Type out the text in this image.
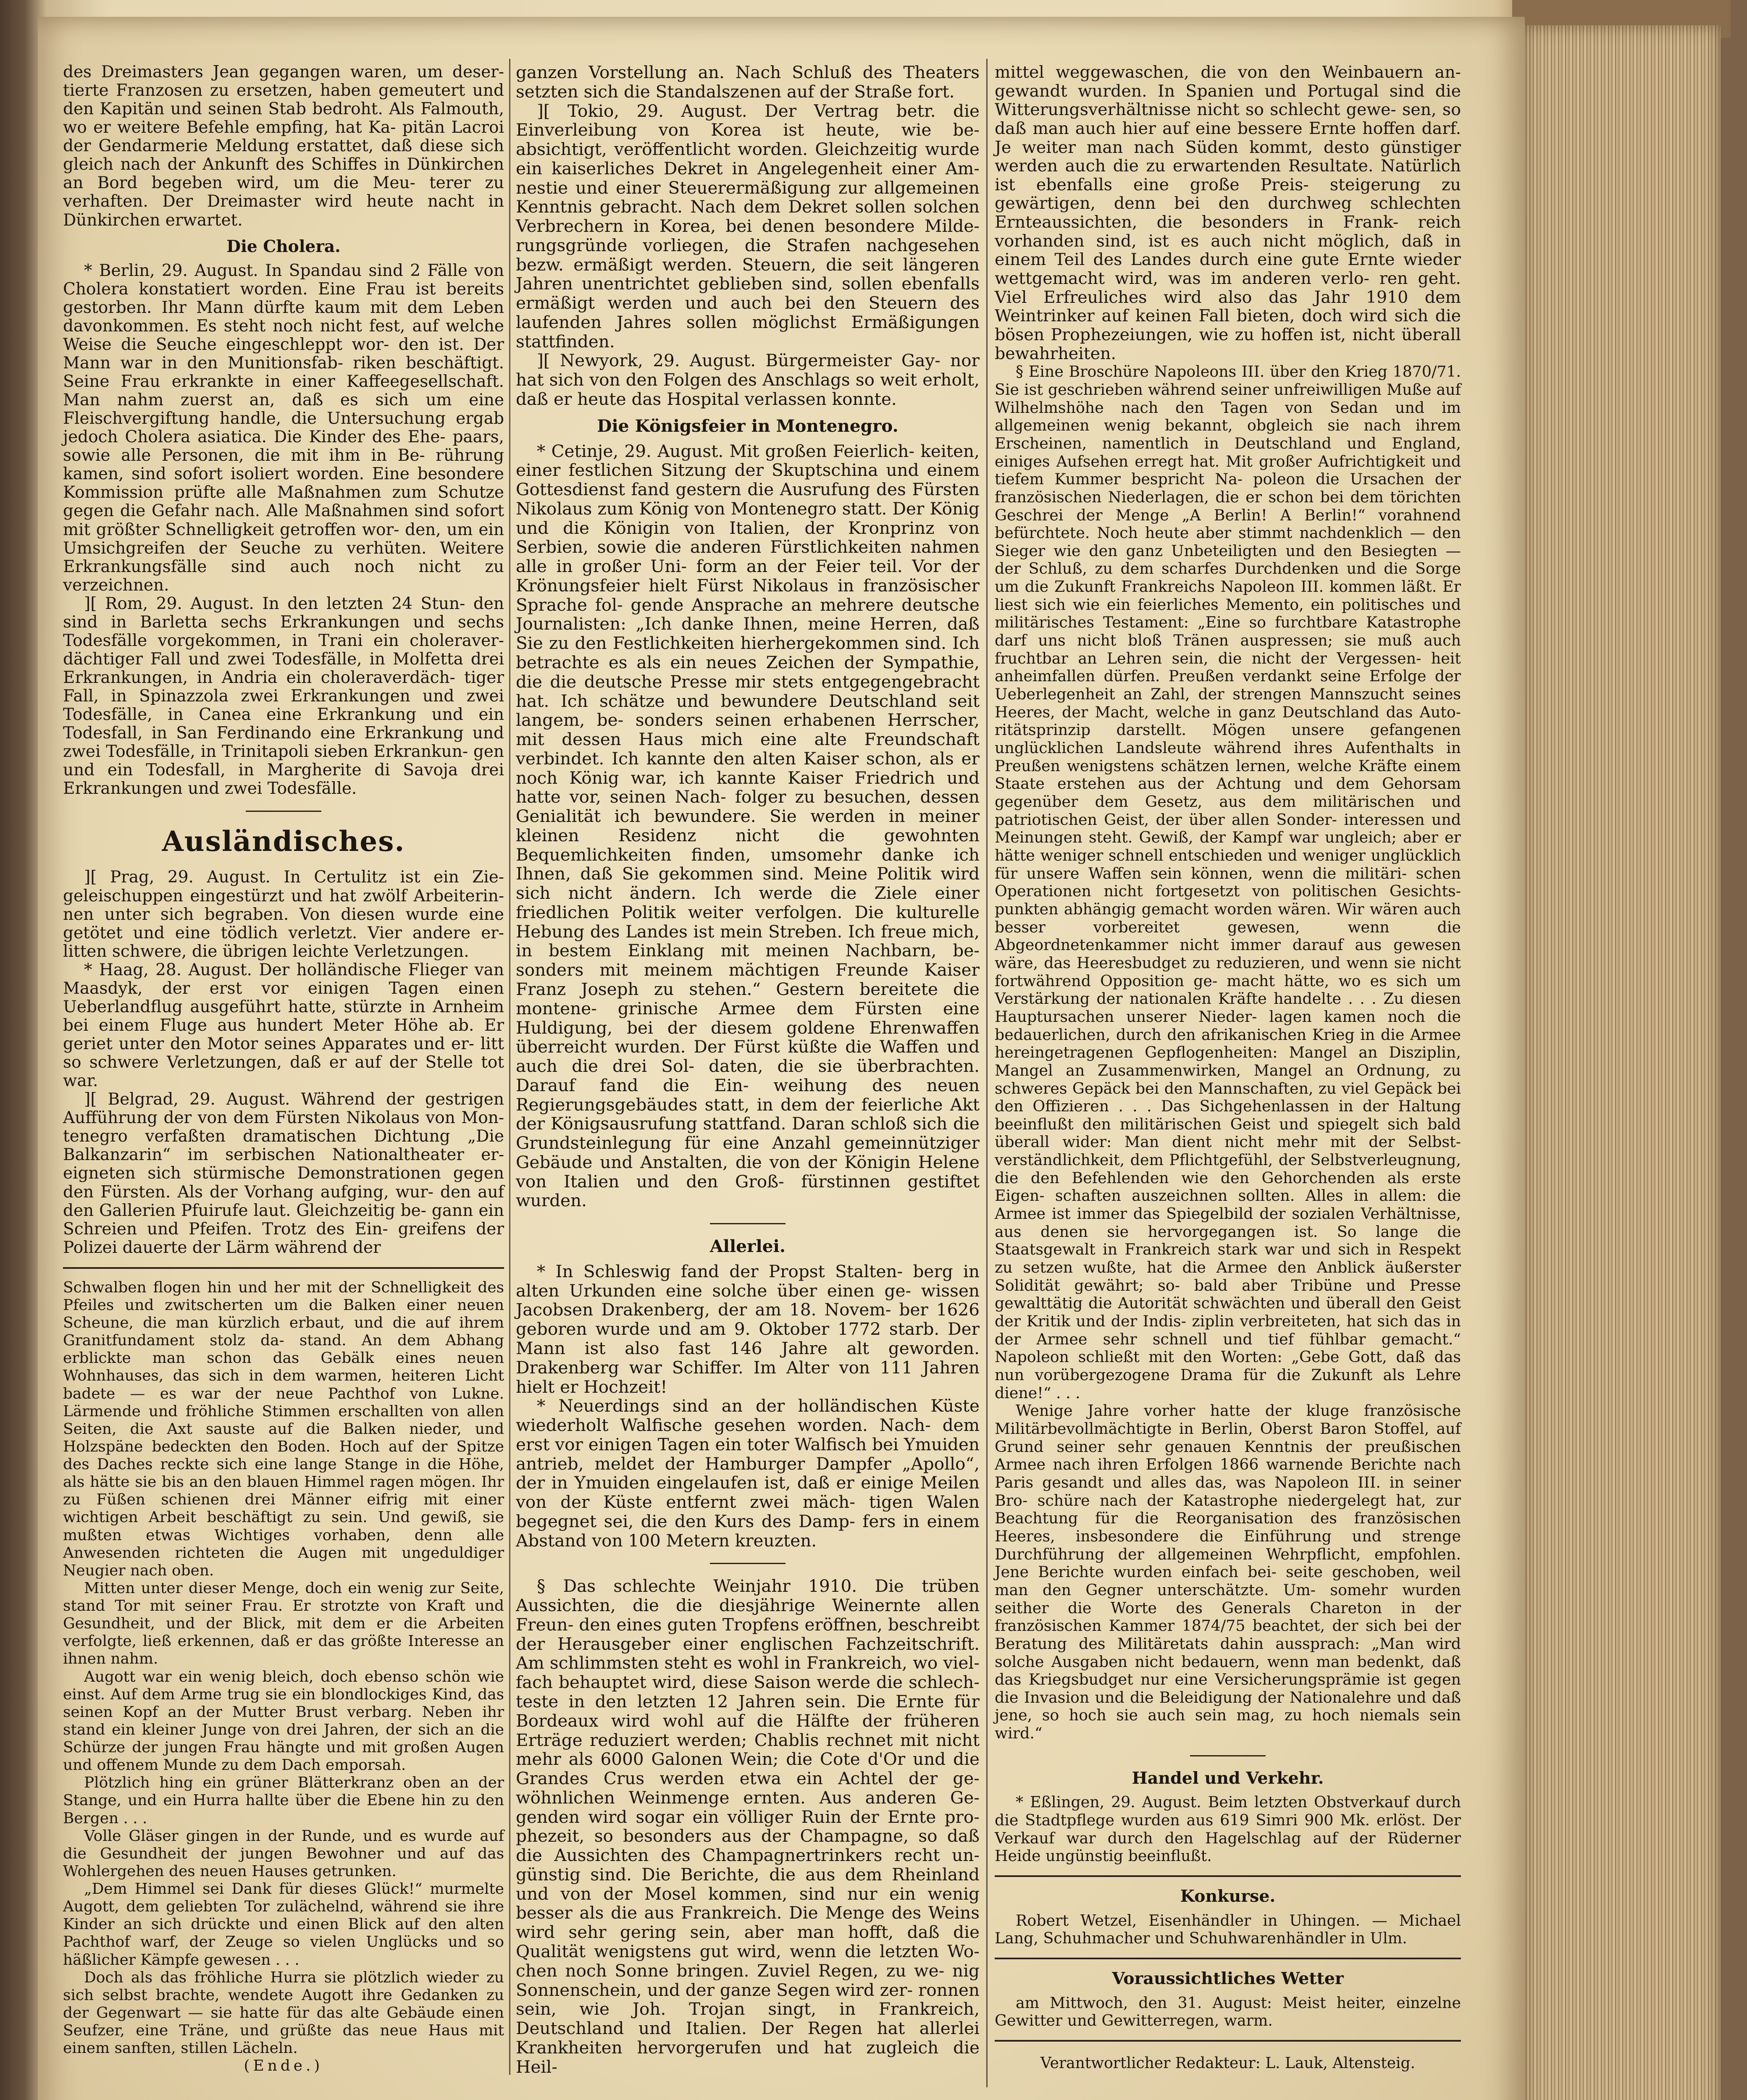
des Dreimasters Jean gegangen waren, um deser- tierte Franzosen zu ersetzen, haben gemeutert und den Kapitän und seinen Stab bedroht. Als Falmouth, wo er weitere Befehle empfing, hat Ka- pitän Lacroi der Gendarmerie Meldung erstattet, daß diese sich gleich nach der Ankunft des Schiffes in Dünkirchen an Bord begeben wird, um die Meu- terer zu verhaften. Der Dreimaster wird heute nacht in Dünkirchen erwartet.

Die Cholera.

* Berlin, 29. August. In Spandau sind 2 Fälle von Cholera konstatiert worden. Eine Frau ist bereits gestorben. Ihr Mann dürfte kaum mit dem Leben davonkommen. Es steht noch nicht fest, auf welche Weise die Seuche eingeschleppt wor- den ist. Der Mann war in den Munitionsfab- riken beschäftigt. Seine Frau erkrankte in einer Kaffeegesellschaft. Man nahm zuerst an, daß es sich um eine Fleischvergiftung handle, die Untersuchung ergab jedoch Cholera asiatica. Die Kinder des Ehe- paars, sowie alle Personen, die mit ihm in Be- rührung kamen, sind sofort isoliert worden. Eine besondere Kommission prüfte alle Maßnahmen zum Schutze gegen die Gefahr nach. Alle Maßnahmen sind sofort mit größter Schnelligkeit getroffen wor- den, um ein Umsichgreifen der Seuche zu verhüten. Weitere Erkrankungsfälle sind auch noch nicht zu verzeichnen.

][ Rom, 29. August. In den letzten 24 Stun- den sind in Barletta sechs Erkrankungen und sechs Todesfälle vorgekommen, in Trani ein choleraver- dächtiger Fall und zwei Todesfälle, in Molfetta drei Erkrankungen, in Andria ein choleraverdäch- tiger Fall, in Spinazzola zwei Erkrankungen und zwei Todesfälle, in Canea eine Erkrankung und ein Todesfall, in San Ferdinando eine Erkrankung und zwei Todesfälle, in Trinitapoli sieben Erkrankun- gen und ein Todesfall, in Margherite di Savoja drei Erkrankungen und zwei Todesfälle.

Ausländisches.

][ Prag, 29. August. In Certulitz ist ein Zie- geleischuppen eingestürzt und hat zwölf Arbeiterin- nen unter sich begraben. Von diesen wurde eine getötet und eine tödlich verletzt. Vier andere er- litten schwere, die übrigen leichte Verletzungen.

* Haag, 28. August. Der holländische Flieger van Maasdyk, der erst vor einigen Tagen einen Ueberlandflug ausgeführt hatte, stürzte in Arnheim bei einem Fluge aus hundert Meter Höhe ab. Er geriet unter den Motor seines Apparates und er- litt so schwere Verletzungen, daß er auf der Stelle tot war.

][ Belgrad, 29. August. Während der gestrigen Aufführung der von dem Fürsten Nikolaus von Mon- tenegro verfaßten dramatischen Dichtung „Die Balkanzarin“ im serbischen Nationaltheater er- eigneten sich stürmische Demonstrationen gegen den Fürsten. Als der Vorhang aufging, wur- den auf den Gallerien Pfuirufe laut. Gleichzeitig be- gann ein Schreien und Pfeifen. Trotz des Ein- greifens der Polizei dauerte der Lärm während der

Schwalben flogen hin und her mit der Schnelligkeit des Pfeiles und zwitscherten um die Balken einer neuen Scheune, die man kürzlich erbaut, und die auf ihrem Granitfundament stolz da- stand. An dem Abhang erblickte man schon das Gebälk eines neuen Wohnhauses, das sich in dem warmen, heiteren Licht badete — es war der neue Pachthof von Lukne. Lärmende und fröhliche Stimmen erschallten von allen Seiten, die Axt sauste auf die Balken nieder, und Holzspäne bedeckten den Boden. Hoch auf der Spitze des Daches reckte sich eine lange Stange in die Höhe, als hätte sie bis an den blauen Himmel ragen mögen. Ihr zu Füßen schienen drei Männer eifrig mit einer wichtigen Arbeit beschäftigt zu sein. Und gewiß, sie mußten etwas Wichtiges vorhaben, denn alle Anwesenden richteten die Augen mit ungeduldiger Neugier nach oben.

Mitten unter dieser Menge, doch ein wenig zur Seite, stand Tor mit seiner Frau. Er strotzte von Kraft und Gesundheit, und der Blick, mit dem er die Arbeiten verfolgte, ließ erkennen, daß er das größte Interesse an ihnen nahm.

Augott war ein wenig bleich, doch ebenso schön wie einst. Auf dem Arme trug sie ein blondlockiges Kind, das seinen Kopf an der Mutter Brust verbarg. Neben ihr stand ein kleiner Junge von drei Jahren, der sich an die Schürze der jungen Frau hängte und mit großen Augen und offenem Munde zu dem Dach emporsah.

Plötzlich hing ein grüner Blätterkranz oben an der Stange, und ein Hurra hallte über die Ebene hin zu den Bergen . . .

Volle Gläser gingen in der Runde, und es wurde auf die Gesundheit der jungen Bewohner und auf das Wohlergehen des neuen Hauses getrunken.

„Dem Himmel sei Dank für dieses Glück!“ murmelte Augott, dem geliebten Tor zulächelnd, während sie ihre Kinder an sich drückte und einen Blick auf den alten Pachthof warf, der Zeuge so vielen Unglücks und so häßlicher Kämpfe gewesen . . .

Doch als das fröhliche Hurra sie plötzlich wieder zu sich selbst brachte, wendete Augott ihre Gedanken zu der Gegenwart — sie hatte für das alte Gebäude einen Seufzer, eine Träne, und grüßte das neue Haus mit einem sanften, stillen Lächeln.

(Ende.)

ganzen Vorstellung an. Nach Schluß des Theaters setzten sich die Standalszenen auf der Straße fort.

][ Tokio, 29. August. Der Vertrag betr. die Einverleibung von Korea ist heute, wie be- absichtigt, veröffentlicht worden. Gleichzeitig wurde ein kaiserliches Dekret in Angelegenheit einer Am- nestie und einer Steuerermäßigung zur allgemeinen Kenntnis gebracht. Nach dem Dekret sollen solchen Verbrechern in Korea, bei denen besondere Milde- rungsgründe vorliegen, die Strafen nachgesehen bezw. ermäßigt werden. Steuern, die seit längeren Jahren unentrichtet geblieben sind, sollen ebenfalls ermäßigt werden und auch bei den Steuern des laufenden Jahres sollen möglichst Ermäßigungen stattfinden.

][ Newyork, 29. August. Bürgermeister Gay- nor hat sich von den Folgen des Anschlags so weit erholt, daß er heute das Hospital verlassen konnte.

Die Königsfeier in Montenegro.

* Cetinje, 29. August. Mit großen Feierlich- keiten, einer festlichen Sitzung der Skuptschina und einem Gottesdienst fand gestern die Ausrufung des Fürsten Nikolaus zum König von Montenegro statt. Der König und die Königin von Italien, der Kronprinz von Serbien, sowie die anderen Fürstlichkeiten nahmen alle in großer Uni- form an der Feier teil. Vor der Krönungsfeier hielt Fürst Nikolaus in französischer Sprache fol- gende Ansprache an mehrere deutsche Journalisten: „Ich danke Ihnen, meine Herren, daß Sie zu den Festlichkeiten hierhergekommen sind. Ich betrachte es als ein neues Zeichen der Sympathie, die die deutsche Presse mir stets entgegengebracht hat. Ich schätze und bewundere Deutschland seit langem, be- sonders seinen erhabenen Herrscher, mit dessen Haus mich eine alte Freundschaft verbindet. Ich kannte den alten Kaiser schon, als er noch König war, ich kannte Kaiser Friedrich und hatte vor, seinen Nach- folger zu besuchen, dessen Genialität ich bewundere. Sie werden in meiner kleinen Residenz nicht die gewohnten Bequemlichkeiten finden, umsomehr danke ich Ihnen, daß Sie gekommen sind. Meine Politik wird sich nicht ändern. Ich werde die Ziele einer friedlichen Politik weiter verfolgen. Die kulturelle Hebung des Landes ist mein Streben. Ich freue mich, in bestem Einklang mit meinen Nachbarn, be- sonders mit meinem mächtigen Freunde Kaiser Franz Joseph zu stehen.“ Gestern bereitete die montene- grinische Armee dem Fürsten eine Huldigung, bei der diesem goldene Ehrenwaffen überreicht wurden. Der Fürst küßte die Waffen und auch die drei Sol- daten, die sie überbrachten. Darauf fand die Ein- weihung des neuen Regierungsgebäudes statt, in dem der feierliche Akt der Königsausrufung stattfand. Daran schloß sich die Grundsteinlegung für eine Anzahl gemeinnütziger Gebäude und Anstalten, die von der Königin Helene von Italien und den Groß- fürstinnen gestiftet wurden.

Allerlei.

* In Schleswig fand der Propst Stalten- berg in alten Urkunden eine solche über einen ge- wissen Jacobsen Drakenberg, der am 18. Novem- ber 1626 geboren wurde und am 9. Oktober 1772 starb. Der Mann ist also fast 146 Jahre alt geworden. Drakenberg war Schiffer. Im Alter von 111 Jahren hielt er Hochzeit!

* Neuerdings sind an der holländischen Küste wiederholt Walfische gesehen worden. Nach- dem erst vor einigen Tagen ein toter Walfisch bei Ymuiden antrieb, meldet der Hamburger Dampfer „Apollo“, der in Ymuiden eingelaufen ist, daß er einige Meilen von der Küste entfernt zwei mäch- tigen Walen begegnet sei, die den Kurs des Damp- fers in einem Abstand von 100 Metern kreuzten.

§ Das schlechte Weinjahr 1910. Die trüben Aussichten, die die diesjährige Weinernte allen Freun- den eines guten Tropfens eröffnen, beschreibt der Herausgeber einer englischen Fachzeitschrift. Am schlimmsten steht es wohl in Frankreich, wo viel- fach behauptet wird, diese Saison werde die schlech- teste in den letzten 12 Jahren sein. Die Ernte für Bordeaux wird wohl auf die Hälfte der früheren Erträge reduziert werden; Chablis rechnet mit nicht mehr als 6000 Galonen Wein; die Cote d'Or und die Grandes Crus werden etwa ein Achtel der ge- wöhnlichen Weinmenge ernten. Aus anderen Ge- genden wird sogar ein völliger Ruin der Ernte pro- phezeit, so besonders aus der Champagne, so daß die Aussichten des Champagnertrinkers recht un- günstig sind. Die Berichte, die aus dem Rheinland und von der Mosel kommen, sind nur ein wenig besser als die aus Frankreich. Die Menge des Weins wird sehr gering sein, aber man hofft, daß die Qualität wenigstens gut wird, wenn die letzten Wo- chen noch Sonne bringen. Zuviel Regen, zu we- nig Sonnenschein, und der ganze Segen wird zer- ronnen sein, wie Joh. Trojan singt, in Frankreich, Deutschland und Italien. Der Regen hat allerlei Krankheiten hervorgerufen und hat zugleich die Heil-

mittel weggewaschen, die von den Weinbauern an- gewandt wurden. In Spanien und Portugal sind die Witterungsverhältnisse nicht so schlecht gewe- sen, so daß man auch hier auf eine bessere Ernte hoffen darf. Je weiter man nach Süden kommt, desto günstiger werden auch die zu erwartenden Resultate. Natürlich ist ebenfalls eine große Preis- steigerung zu gewärtigen, denn bei den durchweg schlechten Ernteaussichten, die besonders in Frank- reich vorhanden sind, ist es auch nicht möglich, daß in einem Teil des Landes durch eine gute Ernte wieder wettgemacht wird, was im anderen verlo- ren geht. Viel Erfreuliches wird also das Jahr 1910 dem Weintrinker auf keinen Fall bieten, doch wird sich die bösen Prophezeiungen, wie zu hoffen ist, nicht überall bewahrheiten.

§ Eine Broschüre Napoleons III. über den Krieg 1870/71. Sie ist geschrieben während seiner unfreiwilligen Muße auf Wilhelmshöhe nach den Tagen von Sedan und im allgemeinen wenig bekannt, obgleich sie nach ihrem Erscheinen, namentlich in Deutschland und England, einiges Aufsehen erregt hat. Mit großer Aufrichtigkeit und tiefem Kummer bespricht Na- poleon die Ursachen der französischen Niederlagen, die er schon bei dem törichten Geschrei der Menge „A Berlin! A Berlin!“ vorahnend befürchtete. Noch heute aber stimmt nachdenklich — den Sieger wie den ganz Unbeteiligten und den Besiegten — der Schluß, zu dem scharfes Durchdenken und die Sorge um die Zukunft Frankreichs Napoleon III. kommen läßt. Er liest sich wie ein feierliches Memento, ein politisches und militärisches Testament: „Eine so furchtbare Katastrophe darf uns nicht bloß Tränen auspressen; sie muß auch fruchtbar an Lehren sein, die nicht der Vergessen- heit anheimfallen dürfen. Preußen verdankt seine Erfolge der Ueberlegenheit an Zahl, der strengen Mannszucht seines Heeres, der Macht, welche in ganz Deutschland das Auto- ritätsprinzip darstellt. Mögen unsere gefangenen unglücklichen Landsleute während ihres Aufenthalts in Preußen wenigstens schätzen lernen, welche Kräfte einem Staate erstehen aus der Achtung und dem Gehorsam gegenüber dem Gesetz, aus dem militärischen und patriotischen Geist, der über allen Sonder- interessen und Meinungen steht. Gewiß, der Kampf war ungleich; aber er hätte weniger schnell entschieden und weniger unglücklich für unsere Waffen sein können, wenn die militäri- schen Operationen nicht fortgesetzt von politischen Gesichts- punkten abhängig gemacht worden wären. Wir wären auch besser vorbereitet gewesen, wenn die Abgeordnetenkammer nicht immer darauf aus gewesen wäre, das Heeresbudget zu reduzieren, und wenn sie nicht fortwährend Opposition ge- macht hätte, wo es sich um Verstärkung der nationalen Kräfte handelte . . . Zu diesen Hauptursachen unserer Nieder- lagen kamen noch die bedauerlichen, durch den afrikanischen Krieg in die Armee hereingetragenen Gepflogenheiten: Mangel an Disziplin, Mangel an Zusammenwirken, Mangel an Ordnung, zu schweres Gepäck bei den Mannschaften, zu viel Gepäck bei den Offizieren . . . Das Sichgehenlassen in der Haltung beeinflußt den militärischen Geist und spiegelt sich bald überall wider: Man dient nicht mehr mit der Selbst- verständlichkeit, dem Pflichtgefühl, der Selbstverleugnung, die den Befehlenden wie den Gehorchenden als erste Eigen- schaften auszeichnen sollten. Alles in allem: die Armee ist immer das Spiegelbild der sozialen Verhältnisse, aus denen sie hervorgegangen ist. So lange die Staatsgewalt in Frankreich stark war und sich in Respekt zu setzen wußte, hat die Armee den Anblick äußerster Solidität gewährt; so- bald aber Tribüne und Presse gewalttätig die Autorität schwächten und überall den Geist der Kritik und der Indis- ziplin verbreiteten, hat sich das in der Armee sehr schnell und tief fühlbar gemacht.“ Napoleon schließt mit den Worten: „Gebe Gott, daß das nun vorübergezogene Drama für die Zukunft als Lehre diene!“ . . .

Wenige Jahre vorher hatte der kluge französische Militärbevollmächtigte in Berlin, Oberst Baron Stoffel, auf Grund seiner sehr genauen Kenntnis der preußischen Armee nach ihren Erfolgen 1866 warnende Berichte nach Paris gesandt und alles das, was Napoleon III. in seiner Bro- schüre nach der Katastrophe niedergelegt hat, zur Beachtung für die Reorganisation des französischen Heeres, insbesondere die Einführung und strenge Durchführung der allgemeinen Wehrpflicht, empfohlen. Jene Berichte wurden einfach bei- seite geschoben, weil man den Gegner unterschätzte. Um- somehr wurden seither die Worte des Generals Chareton in der französischen Kammer 1874/75 beachtet, der sich bei der Beratung des Militäretats dahin aussprach: „Man wird solche Ausgaben nicht bedauern, wenn man bedenkt, daß das Kriegsbudget nur eine Versicherungsprämie ist gegen die Invasion und die Beleidigung der Nationalehre und daß jene, so hoch sie auch sein mag, zu hoch niemals sein wird.“

Handel und Verkehr.

* Eßlingen, 29. August. Beim letzten Obstverkauf durch die Stadtpflege wurden aus 619 Simri 900 Mk. erlöst. Der Verkauf war durch den Hagelschlag auf der Rüderner Heide ungünstig beeinflußt.

Konkurse.

Robert Wetzel, Eisenhändler in Uhingen. — Michael Lang, Schuhmacher und Schuhwarenhändler in Ulm.

Voraussichtliches Wetter

am Mittwoch, den 31. August: Meist heiter, einzelne Gewitter und Gewitterregen, warm.

Verantwortlicher Redakteur: L. Lauk, Altensteig.
